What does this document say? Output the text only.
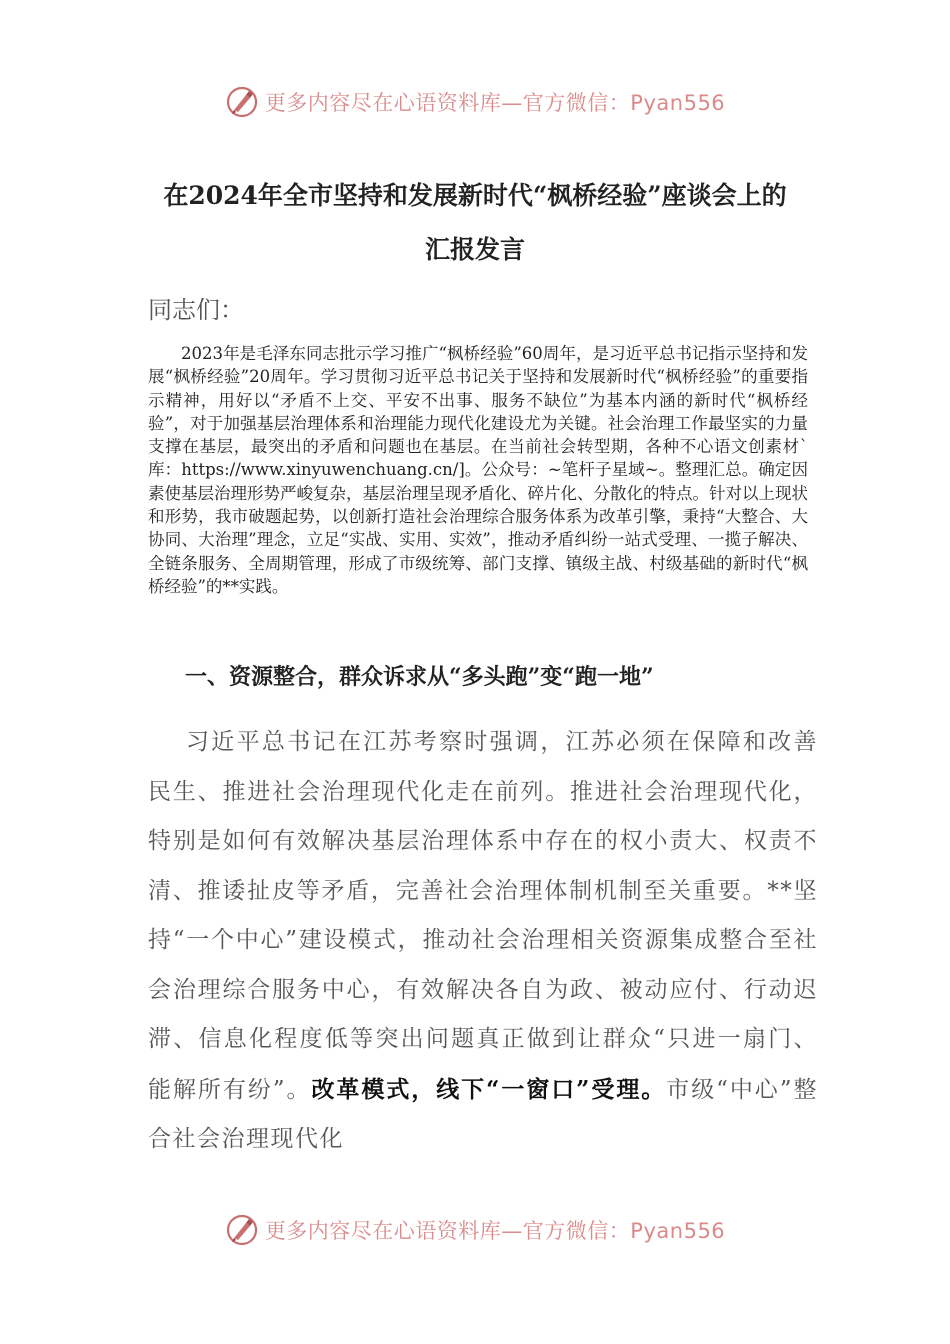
更多内容尽在心语资料库—官方微信：Pyan556
在2024年全市坚持和发展新时代“枫桥经验”座谈会上的
汇报发言
同志们：
2023年是毛泽东同志批示学习推广“枫桥经验”60周年，是习近平总书记指示坚持和发展“枫桥经验”20周年。学习贯彻习近平总书记关于坚持和发展新时代“枫桥经验”的重要指示精神，用好以“矛盾不上交、平安不出事、服务不缺位”为基本内涵的新时代“枫桥经验”，对于加强基层治理体系和治理能力现代化建设尤为关键。社会治理工作最坚实的力量支撑在基层，最突出的矛盾和问题也在基层。在当前社会转型期，各种不心语文创素材`库：https://www.xinyuwenchuang.cn/]。公众号：~笔杆子星域~。整理汇总。确定因素使基层治理形势严峻复杂，基层治理呈现矛盾化、碎片化、分散化的特点。针对以上现状和形势，我市破题起势，以创新打造社会治理综合服务体系为改革引擎，秉持“大整合、大协同、大治理”理念，立足“实战、实用、实效”，推动矛盾纠纷一站式受理、一揽子解决、全链条服务、全周期管理，形成了市级统筹、部门支撑、镇级主战、村级基础的新时代“枫桥经验”的**实践。
一、资源整合，群众诉求从“多头跑”变“跑一地”
习近平总书记在江苏考察时强调，江苏必须在保障和改善民生、推进社会治理现代化走在前列。推进社会治理现代化，特别是如何有效解决基层治理体系中存在的权小责大、权责不清、推诿扯皮等矛盾，完善社会治理体制机制至关重要。**坚持“一个中心”建设模式，推动社会治理相关资源集成整合至社会治理综合服务中心，有效解决各自为政、被动应付、行动迟滞、信息化程度低等突出问题真正做到让群众“只进一扇门、能解所有纷”。改革模式，线下“一窗口”受理。市级“中心”整合社会治理现代化
更多内容尽在心语资料库—官方微信：Pyan556
